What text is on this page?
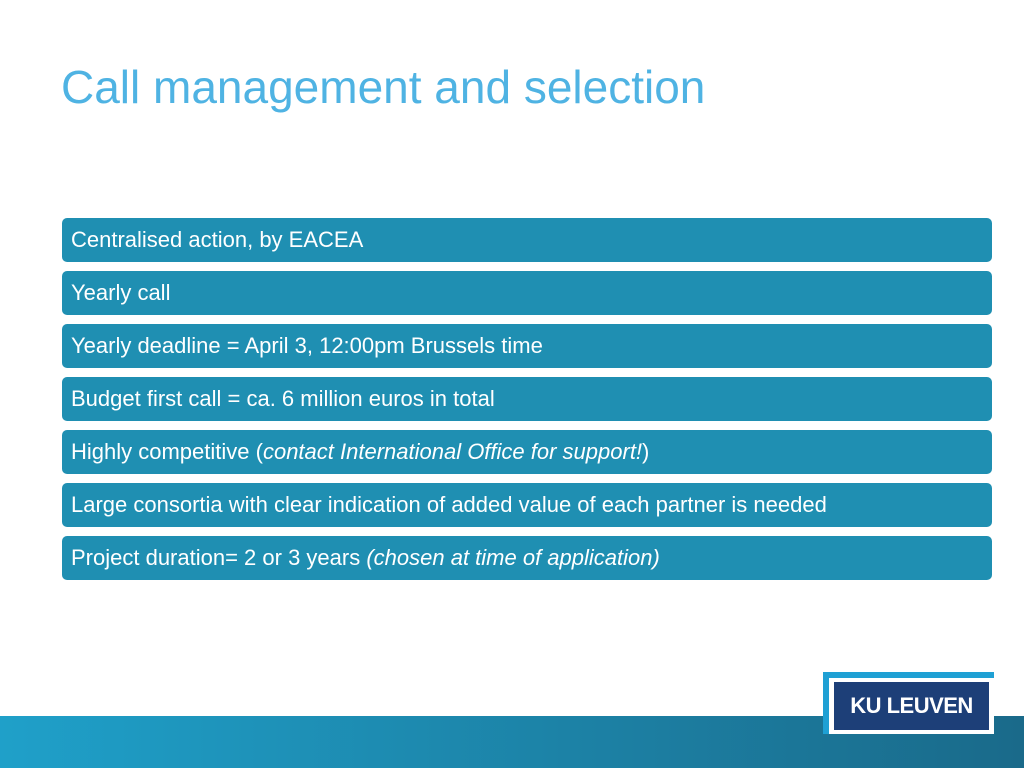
Call management and selection
Centralised action, by EACEA
Yearly call
Yearly deadline = April 3, 12:00pm Brussels time
Budget first call = ca. 6 million euros in total
Highly competitive (contact International Office for support!)
Large consortia with clear indication of added value of each partner is needed
Project duration= 2 or 3 years (chosen at time of application)
KU LEUVEN
